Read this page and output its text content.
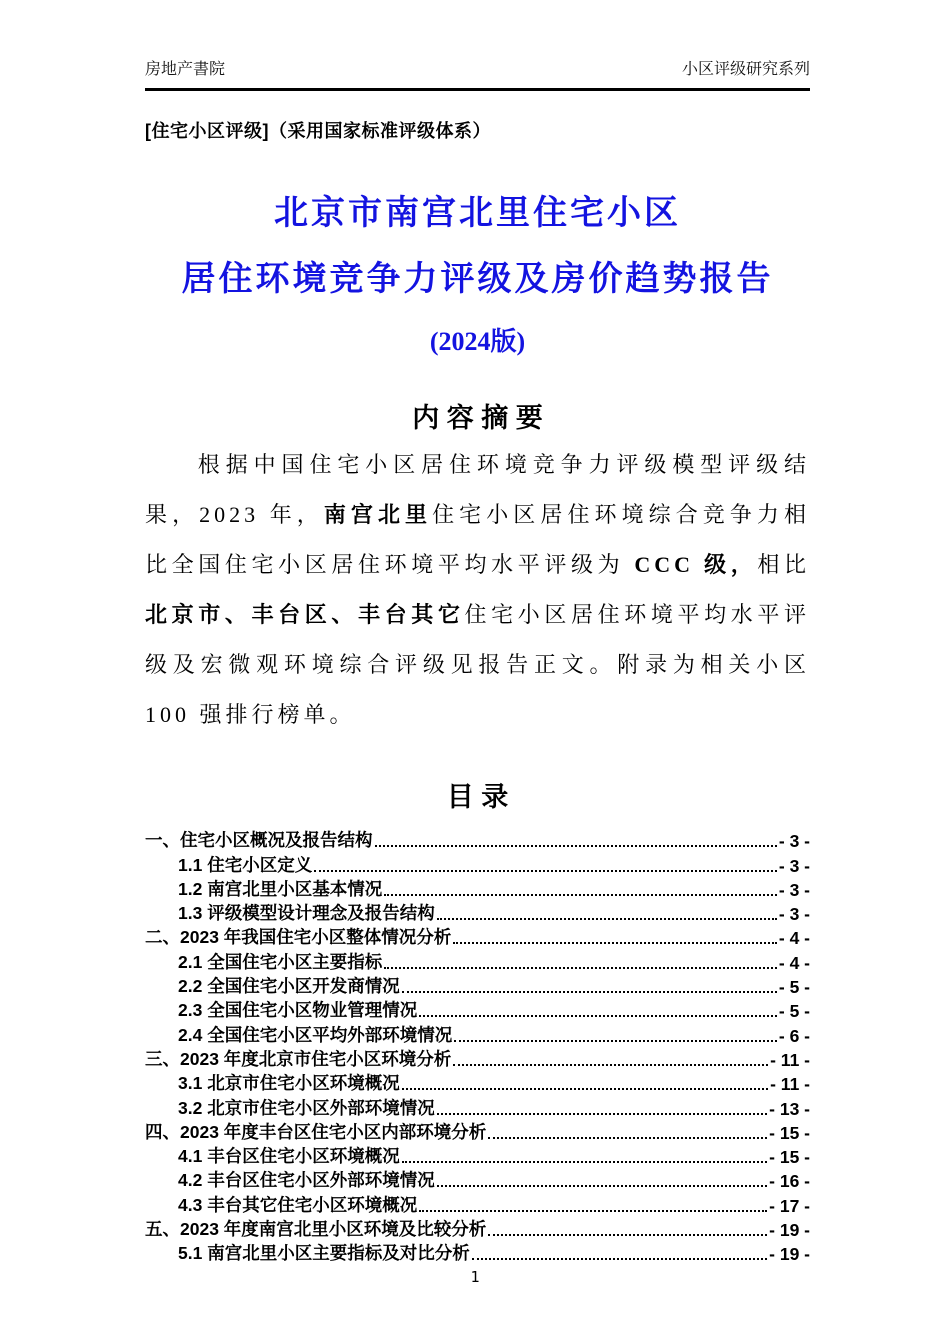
房地产書院	小区评级研究系列
[住宅小区评级]（采用国家标准评级体系）
北京市南宫北里住宅小区
居住环境竞争力评级及房价趋势报告
(2024版)
内 容 摘 要

根据中国住宅小区居住环境竞争力评级模型评级结果，2023 年，南宫北里住宅小区居住环境综合竞争力相比全国住宅小区居住环境平均水平评级为 CCC 级，相比北京市、丰台区、丰台其它住宅小区居住环境平均水平评级及宏微观环境综合评级见报告正文。附录为相关小区 100 强排行榜单。

目 录
一、住宅小区概况及报告结构	- 3 -
1.1 住宅小区定义	- 3 -
1.2 南宫北里小区基本情况	- 3 -
1.3 评级模型设计理念及报告结构	- 3 -
二、2023 年我国住宅小区整体情况分析	- 4 -
2.1 全国住宅小区主要指标	- 4 -
2.2 全国住宅小区开发商情况	- 5 -
2.3 全国住宅小区物业管理情况	- 5 -
2.4 全国住宅小区平均外部环境情况	- 6 -
三、2023 年度北京市住宅小区环境分析	- 11 -
3.1 北京市住宅小区环境概况	- 11 -
3.2 北京市住宅小区外部环境情况	- 13 -
四、2023 年度丰台区住宅小区内部环境分析	- 15 -
4.1 丰台区住宅小区环境概况	- 15 -
4.2 丰台区住宅小区外部环境情况	- 16 -
4.3 丰台其它住宅小区环境概况	- 17 -
五、2023 年度南宫北里小区环境及比较分析	- 19 -
5.1 南宫北里小区主要指标及对比分析	- 19 -
1
